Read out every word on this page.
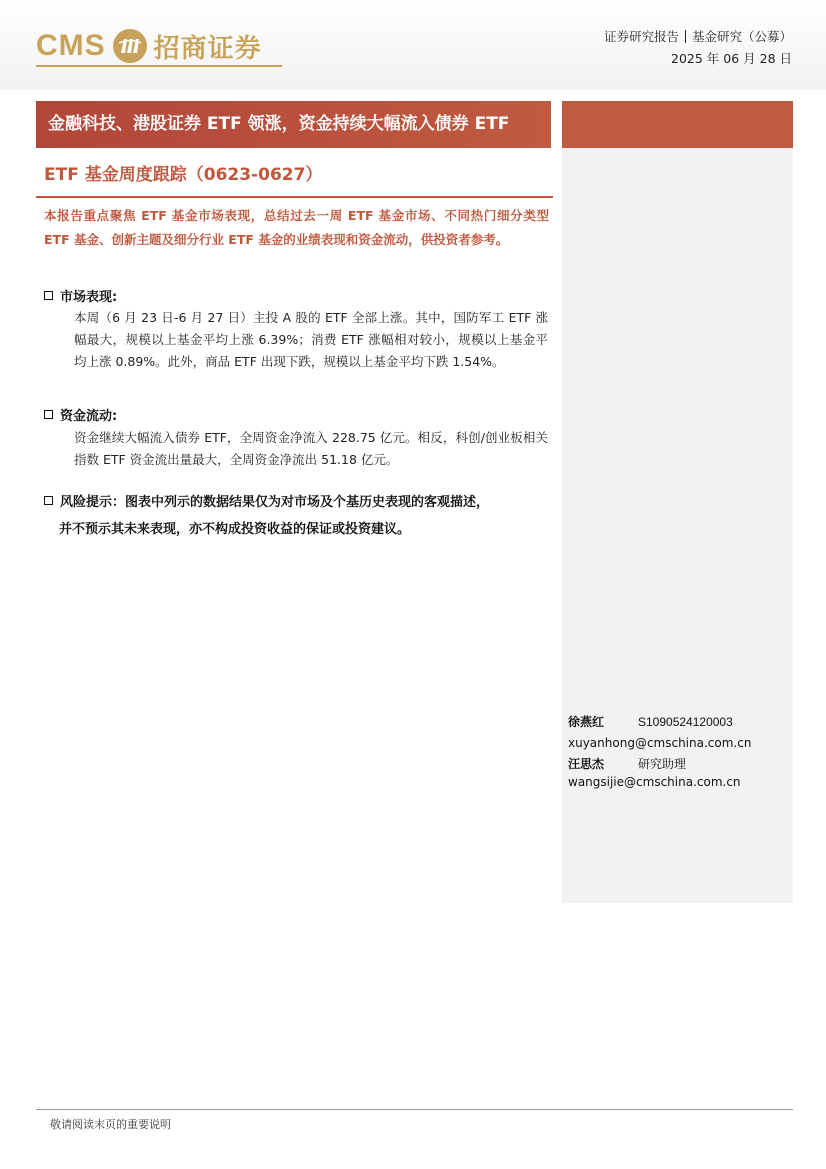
CMS 招商证券	证券研究报告 基金研究（公募）
2025 年 06 月 28 日
金融科技、港股证券 ETF 领涨，资金持续大幅流入债券 ETF
ETF 基金周度跟踪（0623-0627）
本报告重点聚焦 ETF 基金市场表现，总结过去一周 ETF 基金市场、不同热门细分类型 ETF 基金、创新主题及细分行业 ETF 基金的业绩表现和资金流动，供投资者参考。
市场表现:
本周（6 月 23 日-6 月 27 日）主投 A 股的 ETF 全部上涨。其中，国防军工 ETF 涨幅最大，规模以上基金平均上涨 6.39%；消费 ETF 涨幅相对较小，规模以上基金平均上涨 0.89%。此外，商品 ETF 出现下跌，规模以上基金平均下跌 1.54%。
资金流动:
资金继续大幅流入债券 ETF，全周资金净流入 228.75 亿元。相反，科创/创业板相关指数 ETF 资金流出量最大，全周资金净流出 51.18 亿元。
风险提示：图表中列示的数据结果仅为对市场及个基历史表现的客观描述，
并不预示其未来表现，亦不构成投资收益的保证或投资建议。
徐燕红	S1090524120003
xuyanhong@cmschina.com.cn
汪思杰	研究助理
wangsijie@cmschina.com.cn
敬请阅读末页的重要说明
